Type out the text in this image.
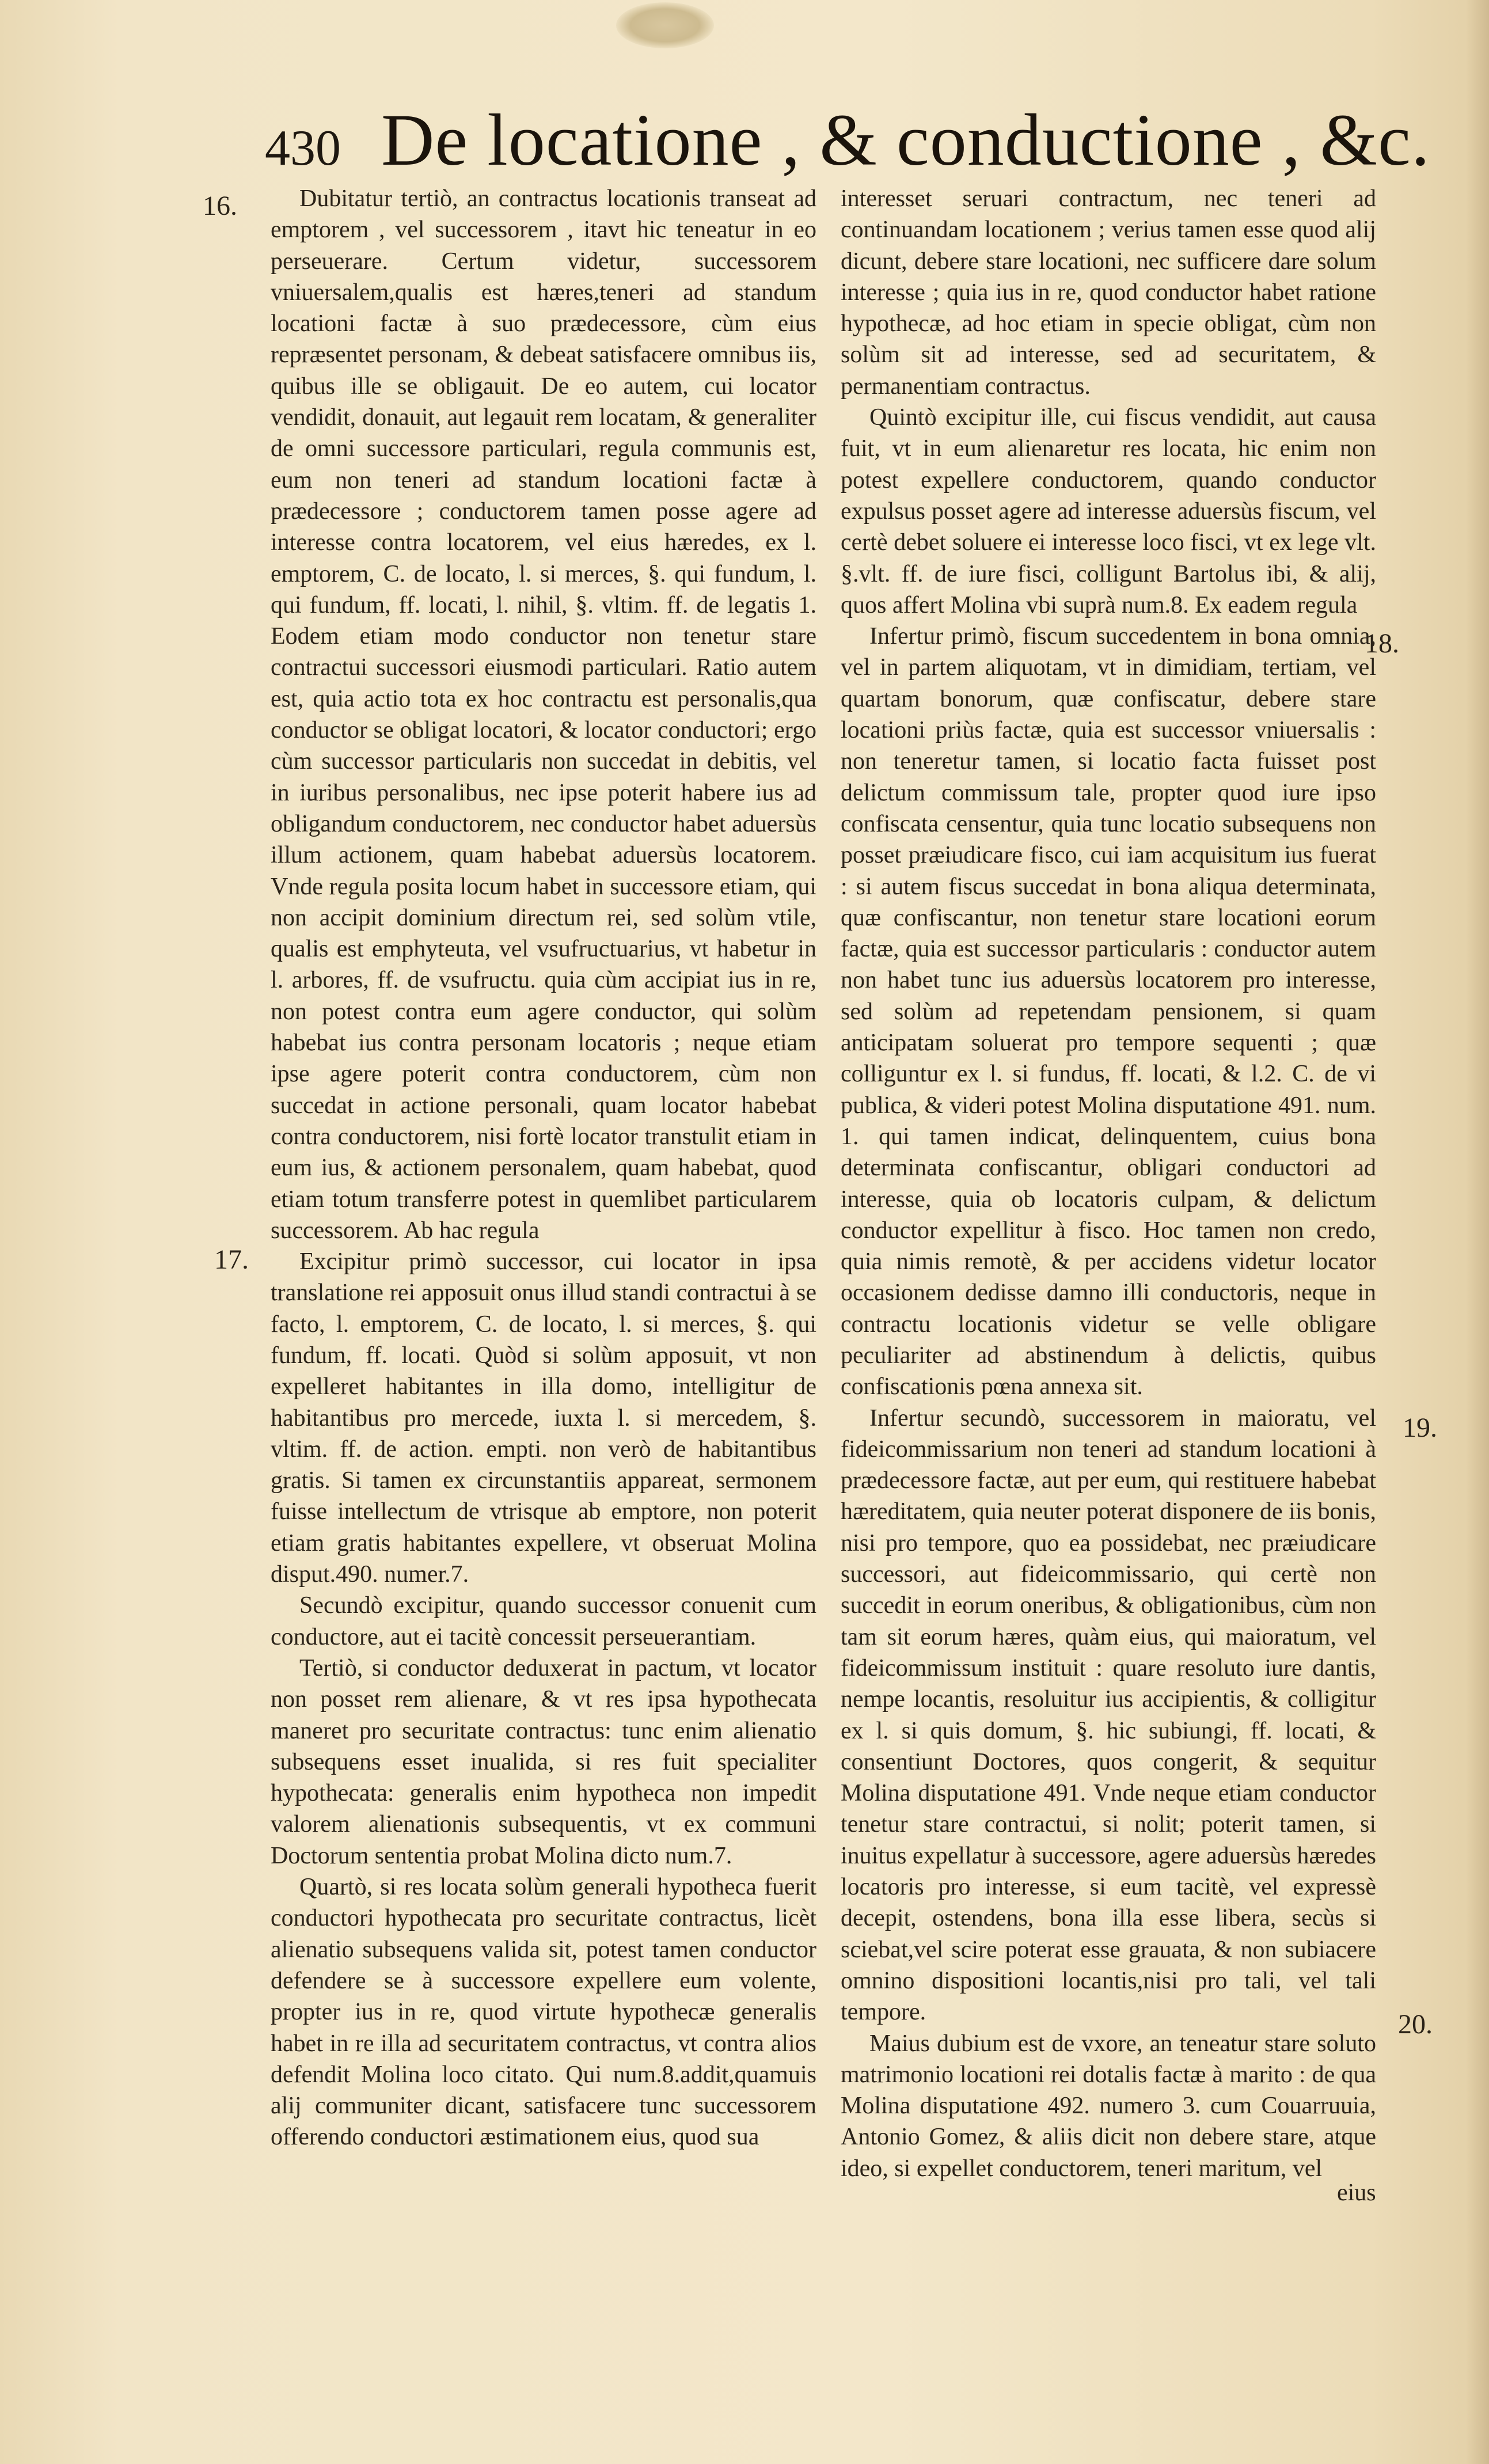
430 De locatione , & conductione , &c.
16.
17.
18.
19.
20.

Dubitatur tertiò, an contractus locationis transeat ad emptorem , vel successorem , itavt hic teneatur in eo perseuerare. Certum videtur, successorem vniuersalem,qualis est hæres,teneri ad standum locationi factæ à suo prædecessore, cùm eius repræsentet personam, & debeat satisfacere omnibus iis, quibus ille se obligauit. De eo autem, cui locator vendidit, donauit, aut legauit rem locatam, & generaliter de omni successore particulari, regula communis est, eum non teneri ad standum locationi factæ à prædecessore ; conductorem tamen posse agere ad interesse contra locatorem, vel eius hæredes, ex l. emptorem, C. de locato, l. si merces, §. qui fundum, l. qui fundum, ff. locati, l. nihil, §. vltim. ff. de legatis 1. Eodem etiam modo conductor non tenetur stare contractui successori eiusmodi particulari. Ratio autem est, quia actio tota ex hoc contractu est personalis,qua conductor se obligat locatori, & locator conductori; ergo cùm successor particularis non succedat in debitis, vel in iuribus personalibus, nec ipse poterit habere ius ad obligandum conductorem, nec conductor habet aduersùs illum actionem, quam habebat aduersùs locatorem. Vnde regula posita locum habet in successore etiam, qui non accipit dominium directum rei, sed solùm vtile, qualis est emphyteuta, vel vsufructuarius, vt habetur in l. arbores, ff. de vsufructu. quia cùm accipiat ius in re, non potest contra eum agere conductor, qui solùm habebat ius contra personam locatoris ; neque etiam ipse agere poterit contra conductorem, cùm non succedat in actione personali, quam locator habebat contra conductorem, nisi fortè locator transtulit etiam in eum ius, & actionem personalem, quam habebat, quod etiam totum transferre potest in quemlibet particularem successorem. Ab hac regula

Excipitur primò successor, cui locator in ipsa translatione rei apposuit onus illud standi contractui à se facto, l. emptorem, C. de locato, l. si merces, §. qui fundum, ff. locati. Quòd si solùm apposuit, vt non expelleret habitantes in illa domo, intelligitur de habitantibus pro mercede, iuxta l. si mercedem, §. vltim. ff. de action. empti. non verò de habitantibus gratis. Si tamen ex circunstantiis appareat, sermonem fuisse intellectum de vtrisque ab emptore, non poterit etiam gratis habitantes expellere, vt obseruat Molina disput.490. numer.7.

Secundò excipitur, quando successor conuenit cum conductore, aut ei tacitè concessit perseuerantiam.

Tertiò, si conductor deduxerat in pactum, vt locator non posset rem alienare, & vt res ipsa hypothecata maneret pro securitate contractus: tunc enim alienatio subsequens esset inualida, si res fuit specialiter hypothecata: generalis enim hypotheca non impedit valorem alienationis subsequentis, vt ex communi Doctorum sententia probat Molina dicto num.7.

Quartò, si res locata solùm generali hypotheca fuerit conductori hypothecata pro securitate contractus, licèt alienatio subsequens valida sit, potest tamen conductor defendere se à successore expellere eum volente, propter ius in re, quod virtute hypothecæ generalis habet in re illa ad securitatem contractus, vt contra alios defendit Molina loco citato. Qui num.8.addit,quamuis alij communiter dicant, satisfacere tunc successorem offerendo conductori æstimationem eius, quod sua

interesset seruari contractum, nec teneri ad continuandam locationem ; verius tamen esse quod alij dicunt, debere stare locationi, nec sufficere dare solum interesse ; quia ius in re, quod conductor habet ratione hypothecæ, ad hoc etiam in specie obligat, cùm non solùm sit ad interesse, sed ad securitatem, & permanentiam contractus.

Quintò excipitur ille, cui fiscus vendidit, aut causa fuit, vt in eum alienaretur res locata, hic enim non potest expellere conductorem, quando conductor expulsus posset agere ad interesse aduersùs fiscum, vel certè debet soluere ei interesse loco fisci, vt ex lege vlt. §.vlt. ff. de iure fisci, colligunt Bartolus ibi, & alij, quos affert Molina vbi suprà num.8. Ex eadem regula

Infertur primò, fiscum succedentem in bona omnia, vel in partem aliquotam, vt in dimidiam, tertiam, vel quartam bonorum, quæ confiscatur, debere stare locationi priùs factæ, quia est successor vniuersalis : non teneretur tamen, si locatio facta fuisset post delictum commissum tale, propter quod iure ipso confiscata censentur, quia tunc locatio subsequens non posset præiudicare fisco, cui iam acquisitum ius fuerat : si autem fiscus succedat in bona aliqua determinata, quæ confiscantur, non tenetur stare locationi eorum factæ, quia est successor particularis : conductor autem non habet tunc ius aduersùs locatorem pro interesse, sed solùm ad repetendam pensionem, si quam anticipatam soluerat pro tempore sequenti ; quæ colliguntur ex l. si fundus, ff. locati, & l.2. C. de vi publica, & videri potest Molina disputatione 491. num. 1. qui tamen indicat, delinquentem, cuius bona determinata confiscantur, obligari conductori ad interesse, quia ob locatoris culpam, & delictum conductor expellitur à fisco. Hoc tamen non credo, quia nimis remotè, & per accidens videtur locator occasionem dedisse damno illi conductoris, neque in contractu locationis videtur se velle obligare peculiariter ad abstinendum à delictis, quibus confiscationis pœna annexa sit.

Infertur secundò, successorem in maioratu, vel fideicommissarium non teneri ad standum locationi à prædecessore factæ, aut per eum, qui restituere habebat hæreditatem, quia neuter poterat disponere de iis bonis, nisi pro tempore, quo ea possidebat, nec præiudicare successori, aut fideicommissario, qui certè non succedit in eorum oneribus, & obligationibus, cùm non tam sit eorum hæres, quàm eius, qui maioratum, vel fideicommissum instituit : quare resoluto iure dantis, nempe locantis, resoluitur ius accipientis, & colligitur ex l. si quis domum, §. hic subiungi, ff. locati, & consentiunt Doctores, quos congerit, & sequitur Molina disputatione 491. Vnde neque etiam conductor tenetur stare contractui, si nolit; poterit tamen, si inuitus expellatur à successore, agere aduersùs hæredes locatoris pro interesse, si eum tacitè, vel expressè decepit, ostendens, bona illa esse libera, secùs si sciebat,vel scire poterat esse grauata, & non subiacere omnino dispositioni locantis,nisi pro tali, vel tali tempore.

Maius dubium est de vxore, an teneatur stare soluto matrimonio locationi rei dotalis factæ à marito : de qua Molina disputatione 492. numero 3. cum Couarruuia, Antonio Gomez, & aliis dicit non debere stare, atque ideo, si expellet conductorem, teneri maritum, vel

eius
